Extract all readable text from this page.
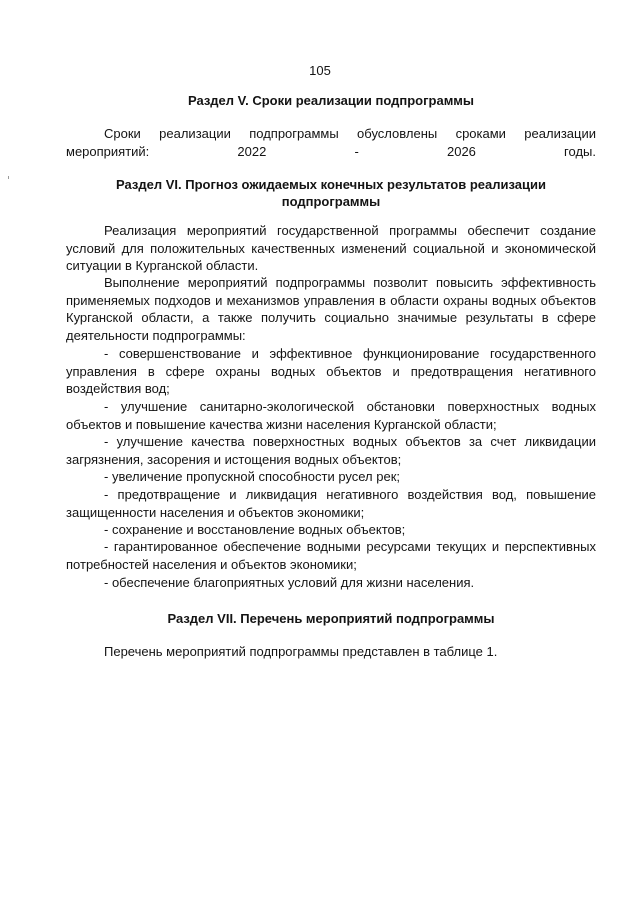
105
Раздел V. Сроки реализации подпрограммы

Сроки реализации подпрограммы обусловлены сроками реализации мероприятий: 2022 - 2026 годы.

Раздел VI. Прогноз ожидаемых конечных результатов реализации
подпрограммы

Реализация мероприятий государственной программы обеспечит создание условий для положительных качественных изменений социальной и экономической ситуации в Курганской области.

Выполнение мероприятий подпрограммы позволит повысить эффективность применяемых подходов и механизмов управления в области охраны водных объектов Курганской области, а также получить социально значимые результаты в сфере деятельности подпрограммы:

- совершенствование и эффективное функционирование государственного управления в сфере охраны водных объектов и предотвращения негативного воздействия вод;

- улучшение санитарно-экологической обстановки поверхностных водных объектов и повышение качества жизни населения Курганской области;

- улучшение качества поверхностных водных объектов за счет ликвидации загрязнения, засорения и истощения водных объектов;

- увеличение пропускной способности русел рек;

- предотвращение и ликвидация негативного воздействия вод, повышение защищенности населения и объектов экономики;

- сохранение и восстановление водных объектов;

- гарантированное обеспечение водными ресурсами текущих и перспективных потребностей населения и объектов экономики;

- обеспечение благоприятных условий для жизни населения.

Раздел VII. Перечень мероприятий подпрограммы

Перечень мероприятий подпрограммы представлен в таблице 1.
